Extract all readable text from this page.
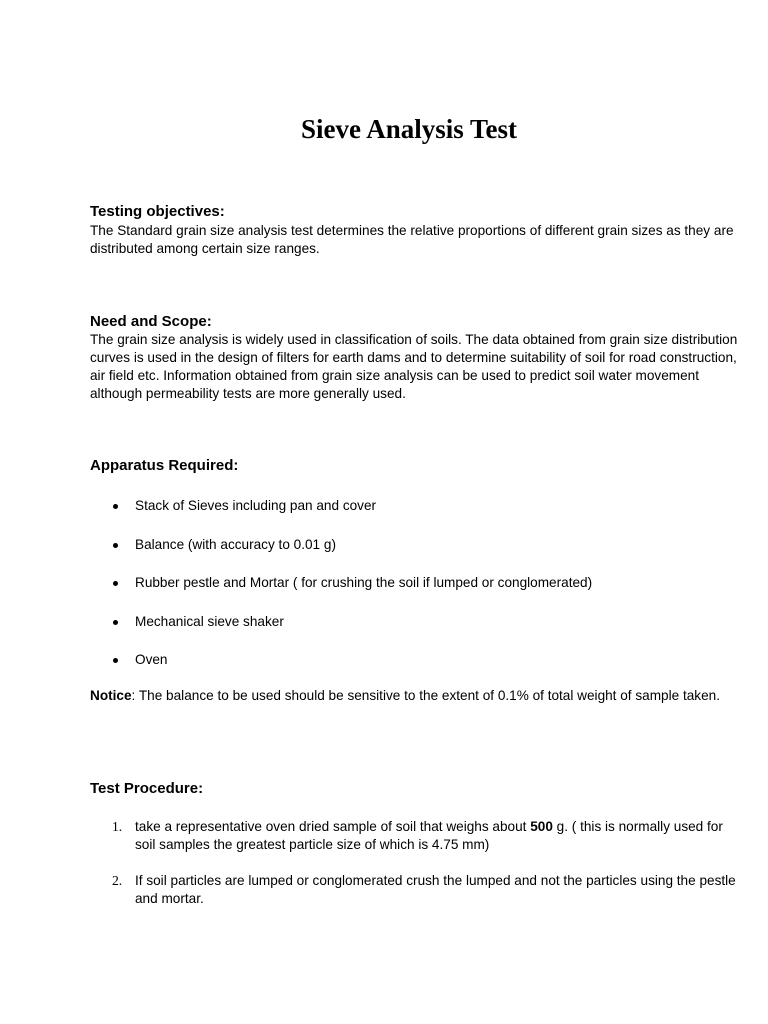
Sieve Analysis Test
Testing objectives:
The Standard grain size analysis test determines the relative proportions of different grain sizes as they are distributed among certain size ranges.
Need and Scope:
The grain size analysis is widely used in classification of soils. The data obtained from grain size distribution curves is used in the design of filters for earth dams and to determine suitability of soil for road construction, air field etc. Information obtained from grain size analysis can be used to predict soil water movement although permeability tests are more generally used.
Apparatus Required:
Stack of Sieves including pan and cover
Balance (with accuracy to 0.01 g)
Rubber pestle and Mortar ( for crushing the soil if lumped or conglomerated)
Mechanical sieve shaker
Oven
Notice: The balance to be used should be sensitive to the extent of 0.1% of total weight of sample taken.
Test Procedure:
1. take a representative oven dried sample of soil that weighs about 500 g. ( this is normally used for soil samples the greatest particle size of which is 4.75 mm)
2. If soil particles are lumped or conglomerated crush the lumped and not the particles using the pestle and mortar.
